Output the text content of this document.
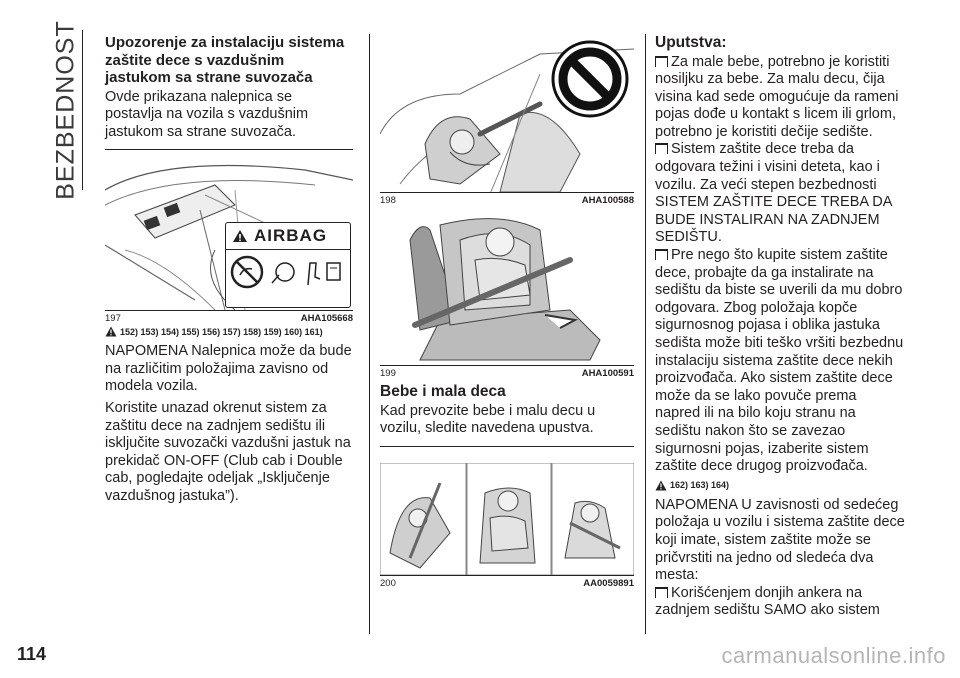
BEZBEDNOST Upozorenje za instalaciju sistema zaštite dece s vazdušnim jastukom sa strane suvozača

Ovde prikazana nalepnica se postavlja na vozila s vazdušnim jastukom sa strane suvozača.

AIRBAG
197	AHA105668
152) 153) 154) 155) 156) 157) 158) 159) 160) 161)

NAPOMENA Nalepnica može da bude na različitim položajima zavisno od modela vozila.

Koristite unazad okrenut sistem za zaštitu dece na zadnjem sedištu ili isključite suvozački vazdušni jastuk na prekidač ON-OFF (Club cab i Double cab, pogledajte odeljak „Isključenje vazdušnog jastuka”).

198	AHA100588
199	AHA100591

Bebe i mala deca

Kad prevozite bebe i malu decu u vozilu, sledite navedena upustva.

200	AA0059891

Uputstva:

Za male bebe, potrebno je koristiti nosiljku za bebe. Za malu decu, čija visina kad sede omogućuje da rameni pojas dođe u kontakt s licem ili grlom, potrebno je koristiti dečije sedište.

Sistem zaštite dece treba da odgovara težini i visini deteta, kao i vozilu. Za veći stepen bezbednosti SISTEM ZAŠTITE DECE TREBA DA BUDE INSTALIRAN NA ZADNJEM SEDIŠTU.

Pre nego što kupite sistem zaštite dece, probajte da ga instalirate na sedištu da biste se uverili da mu dobro odgovara. Zbog položaja kopče sigurnosnog pojasa i oblika jastuka sedišta može biti teško vršiti bezbednu instalaciju sistema zaštite dece nekih proizvođača. Ako sistem zaštite dece može da se lako povuče prema napred ili na bilo koju stranu na sedištu nakon što se zavezao sigurnosni pojas, izaberite sistem zaštite dece drugog proizvođača.

162) 163) 164)

NAPOMENA U zavisnosti od sedećeg položaja u vozilu i sistema zaštite dece koji imate, sistem zaštite može se pričvrstiti na jedno od sledeća dva mesta:

Korišćenjem donjih ankera na zadnjem sedištu SAMO ako sistem

114	carmanualsonline.info
